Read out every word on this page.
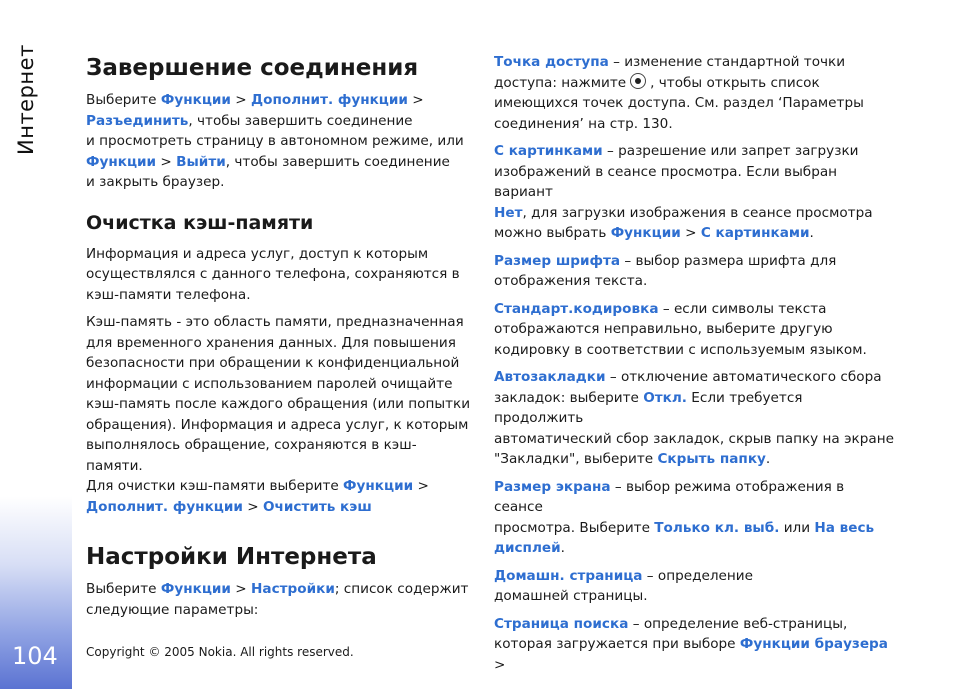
Интернет
104
Завершение соединения

Выберите Функции > Дополнит. функции >
Разъединить, чтобы завершить соединение
и просмотреть страницу в автономном режиме, или
Функции > Выйти, чтобы завершить соединение
и закрыть браузер.

Очистка кэш-памяти

Информация и адреса услуг, доступ к которым
осуществлялся с данного телефона, сохраняются в
кэш-памяти телефона.

Кэш-память - это область памяти, предназначенная
для временного хранения данных. Для повышения
безопасности при обращении к конфиденциальной
информации с использованием паролей очищайте
кэш-память после каждого обращения (или попытки
обращения). Информация и адреса услуг, к которым
выполнялось обращение, сохраняются в кэш-памяти.
Для очистки кэш-памяти выберите Функции >
Дополнит. функции > Очистить кэш

Настройки Интернета

Выберите Функции > Настройки; список содержит
следующие параметры:

Точка доступа – изменение стандартной точки
доступа: нажмите , чтобы открыть список
имеющихся точек доступа. См. раздел ‘Параметры
соединения’ на стр. 130.

С картинками – разрешение или запрет загрузки
изображений в сеансе просмотра. Если выбран вариант
Нет, для загрузки изображения в сеансе просмотра
можно выбрать Функции > С картинками.

Размер шрифта – выбор размера шрифта для
отображения текста.

Стандарт.кодировка – если символы текста
отображаются неправильно, выберите другую
кодировку в соответствии с используемым языком.

Автозакладки – отключение автоматического сбора
закладок: выберите Откл. Если требуется продолжить
автоматический сбор закладок, скрыв папку на экране
"Закладки", выберите Скрыть папку.

Размер экрана – выбор режима отображения в сеансе
просмотра. Выберите Только кл. выб. или На весь
дисплей.

Домашн. страница – определение
домашней страницы.

Страница поиска – определение веб-страницы,
которая загружается при выборе Функции браузера >

Copyright © 2005 Nokia. All rights reserved.
